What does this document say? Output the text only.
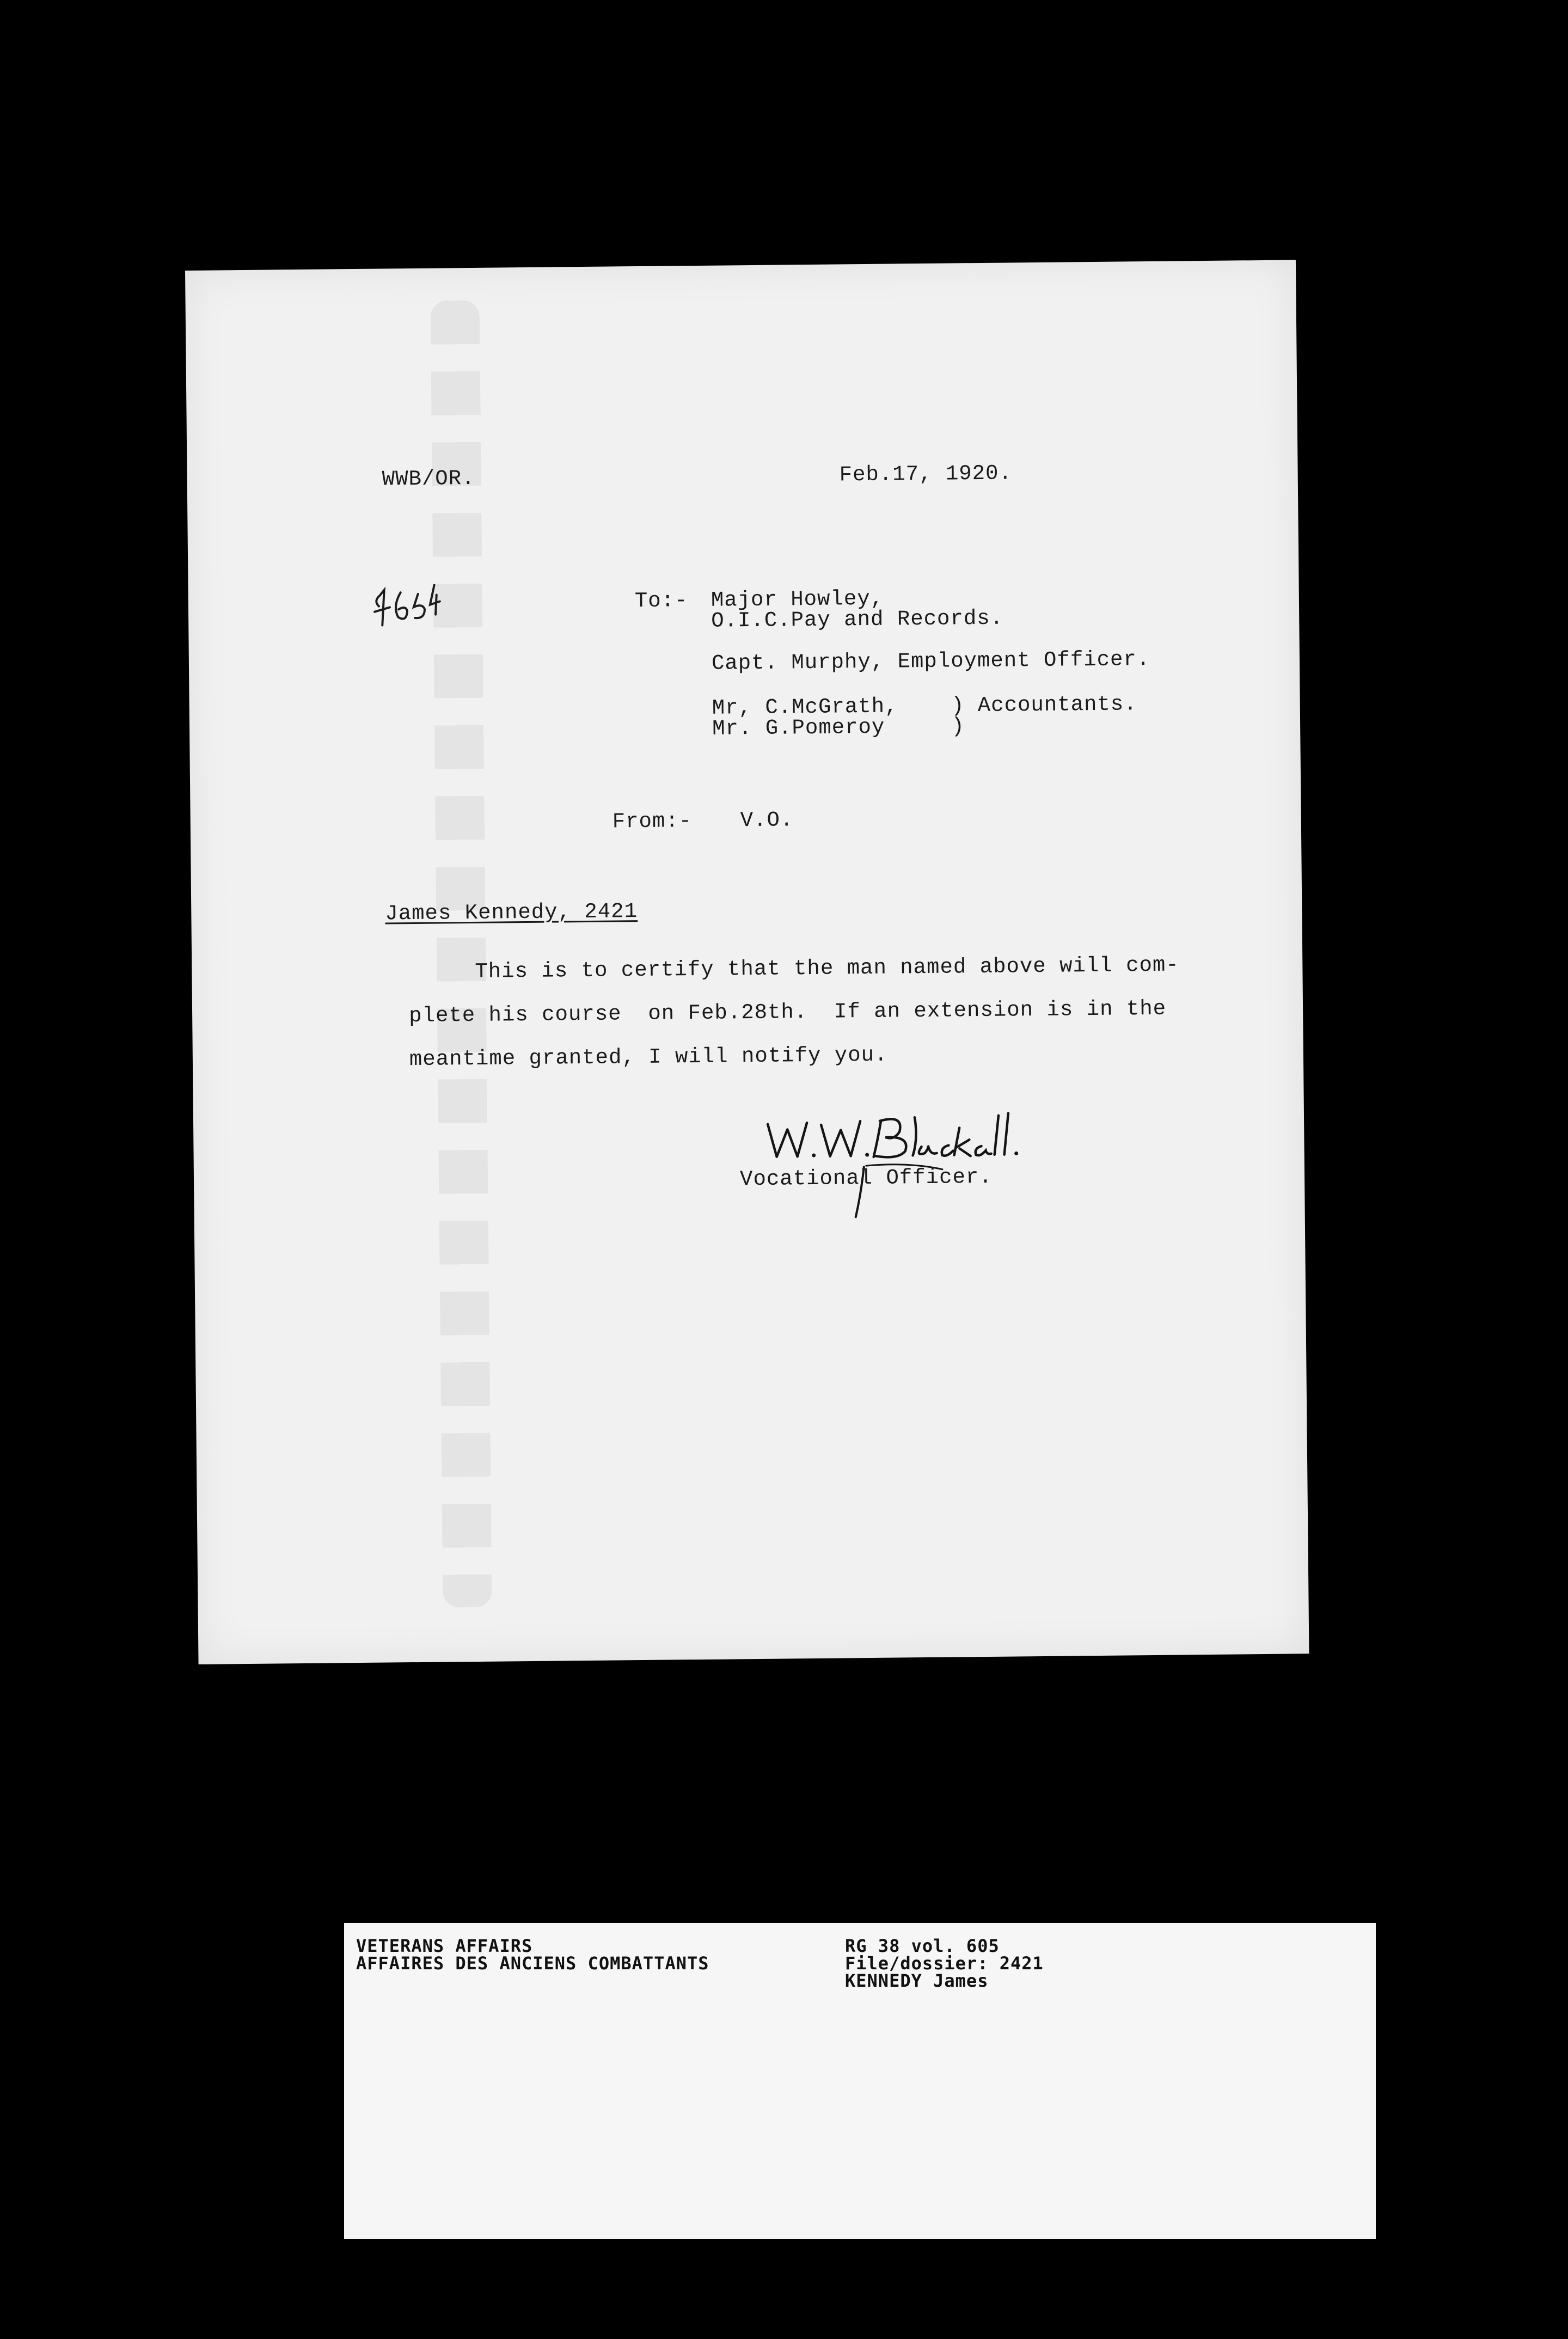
WWB/OR.	Feb.17, 1920.
To:- Major Howley,
O.I.C.Pay and Records.
Capt. Murphy, Employment Officer.
Mr, C.McGrath,    ) Accountants.
Mr. G.Pomeroy     )
From:- V.O.
James Kennedy, 2421
This is to certify that the man named above will com-
plete his course  on Feb.28th.  If an extension is in the
meantime granted, I will notify you.
Vocational Officer.
VETERANS AFFAIRS
AFFAIRES DES ANCIENS COMBATTANTS
RG 38 vol. 605
File/dossier: 2421
KENNEDY James
